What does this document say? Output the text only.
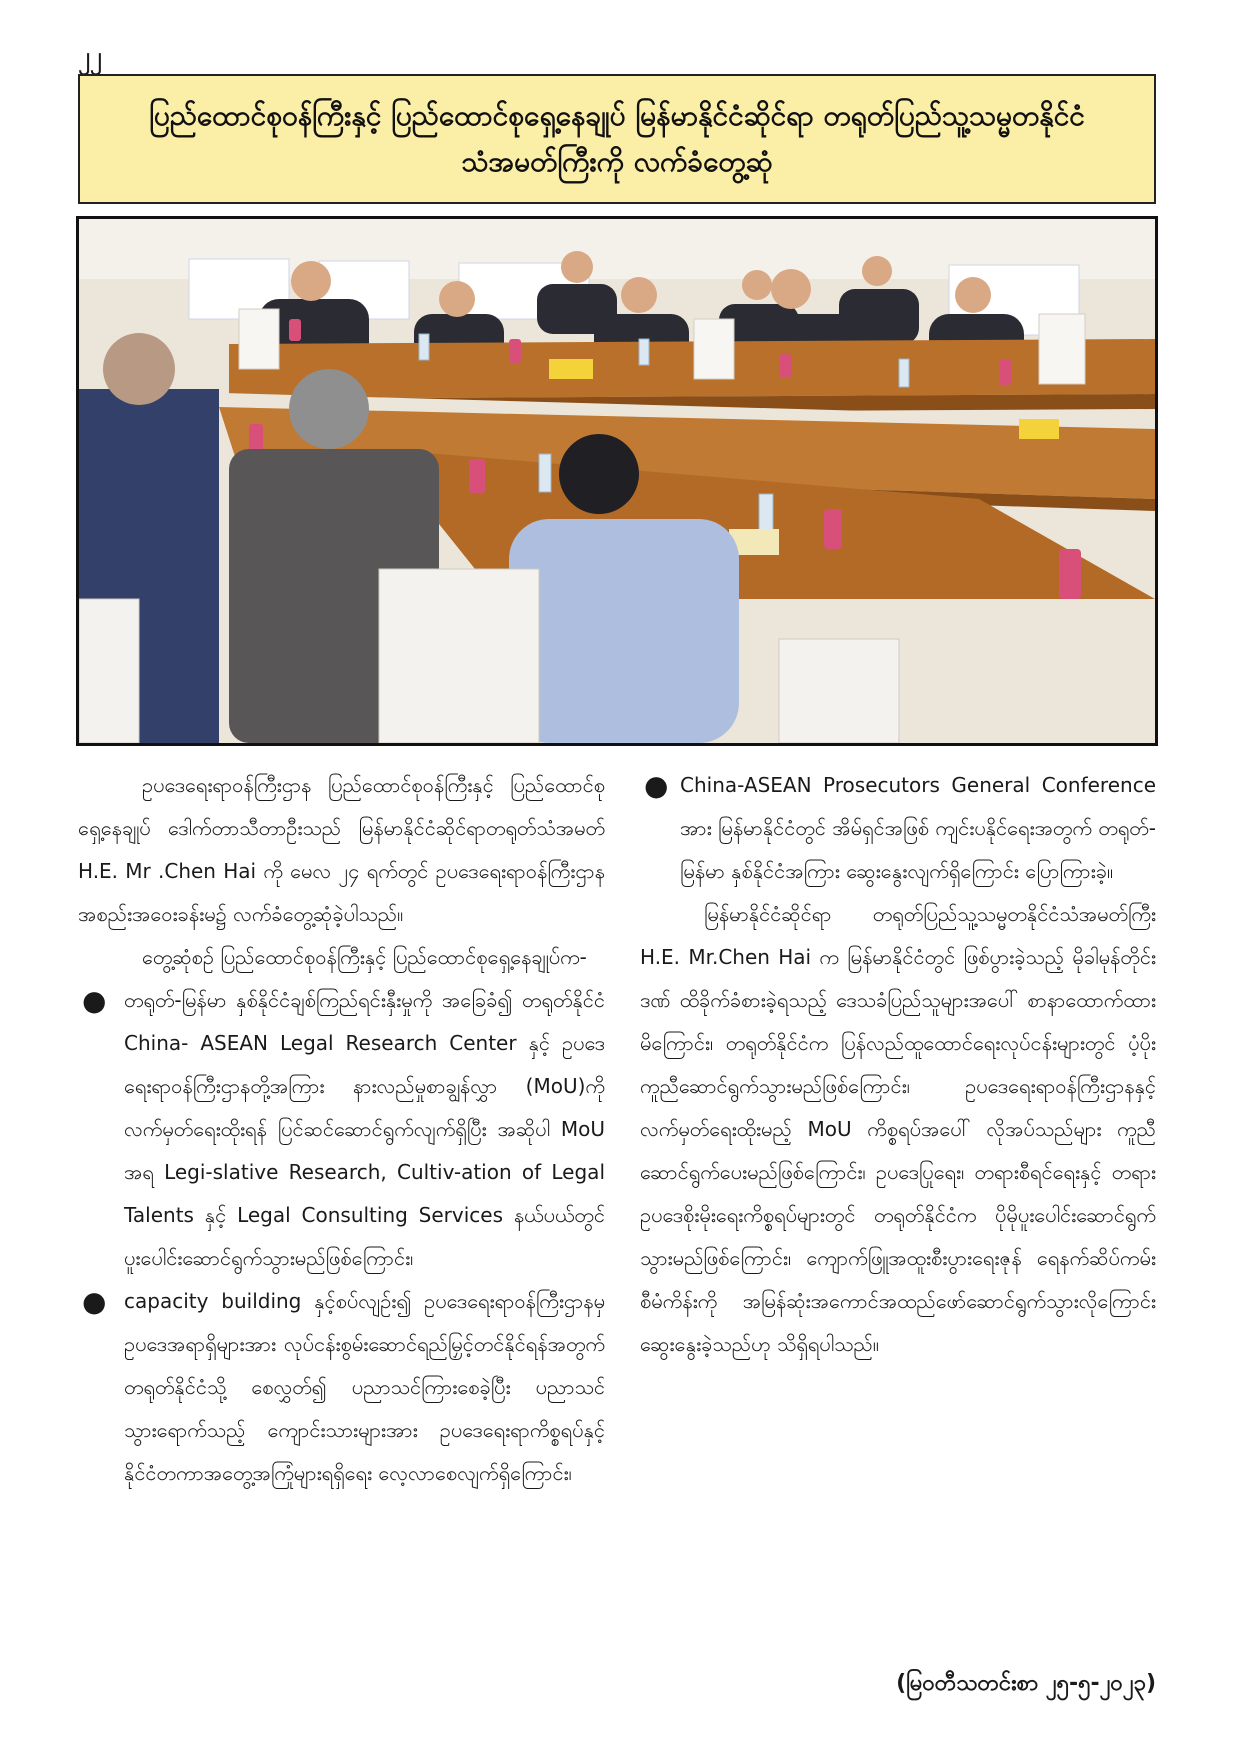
၂၂
ပြည်ထောင်စုဝန်ကြီးနှင့် ပြည်ထောင်စုရှေ့နေချုပ် မြန်မာနိုင်ငံဆိုင်ရာ တရုတ်ပြည်သူ့သမ္မတနိုင်ငံ
သံအမတ်ကြီးကို လက်ခံတွေ့ဆုံ

ဥပဒေရေးရာဝန်ကြီးဌာန ပြည်ထောင်စုဝန်ကြီးနှင့် ပြည်ထောင်စုရှေ့နေချုပ် ဒေါက်တာသီတာဦးသည် မြန်မာနိုင်ငံဆိုင်ရာတရုတ်သံအမတ် H.E. Mr .Chen Hai ကို မေလ ၂၄ ရက်တွင် ဥပဒေရေးရာဝန်ကြီးဌာန အစည်းအဝေးခန်းမ၌ လက်ခံတွေ့ဆုံခဲ့ပါသည်။

တွေ့ဆုံစဉ် ပြည်ထောင်စုဝန်ကြီးနှင့် ပြည်ထောင်စုရှေ့နေချုပ်က-

● တရုတ်-မြန်မာ နှစ်နိုင်ငံချစ်ကြည်ရင်းနှီးမှုကို အခြေခံ၍ တရုတ်နိုင်ငံ China- ASEAN Legal Research Center နှင့် ဥပဒေရေးရာဝန်ကြီးဌာနတို့အကြား နားလည်မှုစာချွန်လွှာ (MoU)ကို လက်မှတ်ရေးထိုးရန် ပြင်ဆင်ဆောင်ရွက်လျက်ရှိပြီး အဆိုပါ MoU အရ Legi-slative Research, Cultiv-ation of Legal Talents နှင့် Legal Consulting Services နယ်ပယ်တွင် ပူးပေါင်းဆောင်ရွက်သွားမည်ဖြစ်ကြောင်း၊
● capacity building နှင့်စပ်လျဉ်း၍ ဥပဒေရေးရာဝန်ကြီးဌာနမှ ဥပဒေအရာရှိများအား လုပ်ငန်းစွမ်းဆောင်ရည်မြှင့်တင်နိုင်ရန်အတွက် တရုတ်နိုင်ငံသို့ စေလွှတ်၍ ပညာသင်ကြားစေခဲ့ပြီး ပညာသင်သွားရောက်သည့် ကျောင်းသားများအား ဥပဒေရေးရာကိစ္စရပ်နှင့် နိုင်ငံတကာအတွေ့အကြုံများရရှိရေး လေ့လာစေလျက်ရှိကြောင်း၊
● China-ASEAN Prosecutors General Conference အား မြန်မာနိုင်ငံတွင် အိမ်ရှင်အဖြစ် ကျင်းပနိုင်ရေးအတွက် တရုတ်-မြန်မာ နှစ်နိုင်ငံအကြား ဆွေးနွေးလျက်ရှိကြောင်း ပြောကြားခဲ့။

မြန်မာနိုင်ငံဆိုင်ရာ တရုတ်ပြည်သူ့သမ္မတနိုင်ငံသံအမတ်ကြီး H.E. Mr.Chen Hai က မြန်မာနိုင်ငံတွင် ဖြစ်ပွားခဲ့သည့် မိုခါမုန်တိုင်းဒဏ် ထိခိုက်ခံစားခဲ့ရသည့် ဒေသခံပြည်သူများအပေါ် စာနာထောက်ထားမိကြောင်း၊ တရုတ်နိုင်ငံက ပြန်လည်ထူထောင်ရေးလုပ်ငန်းများတွင် ပံ့ပိုးကူညီဆောင်ရွက်သွားမည်ဖြစ်ကြောင်း၊ ဥပဒေရေးရာဝန်ကြီးဌာနနှင့် လက်မှတ်ရေးထိုးမည့် MoU ကိစ္စရပ်အပေါ် လိုအပ်သည်များ ကူညီဆောင်ရွက်ပေးမည်ဖြစ်ကြောင်း၊ ဥပဒေပြုရေး၊ တရားစီရင်ရေးနှင့် တရားဥပဒေစိုးမိုးရေးကိစ္စရပ်များတွင် တရုတ်နိုင်ငံက ပိုမိုပူးပေါင်းဆောင်ရွက်သွားမည်ဖြစ်ကြောင်း၊ ကျောက်ဖြူအထူးစီးပွားရေးဇုန် ရေနက်ဆိပ်ကမ်းစီမံကိန်းကို အမြန်ဆုံးအကောင်အထည်ဖော်ဆောင်ရွက်သွားလိုကြောင်း ဆွေးနွေးခဲ့သည်ဟု သိရှိရပါသည်။

(မြဝတီသတင်းစာ ၂၅-၅-၂၀၂၃)
